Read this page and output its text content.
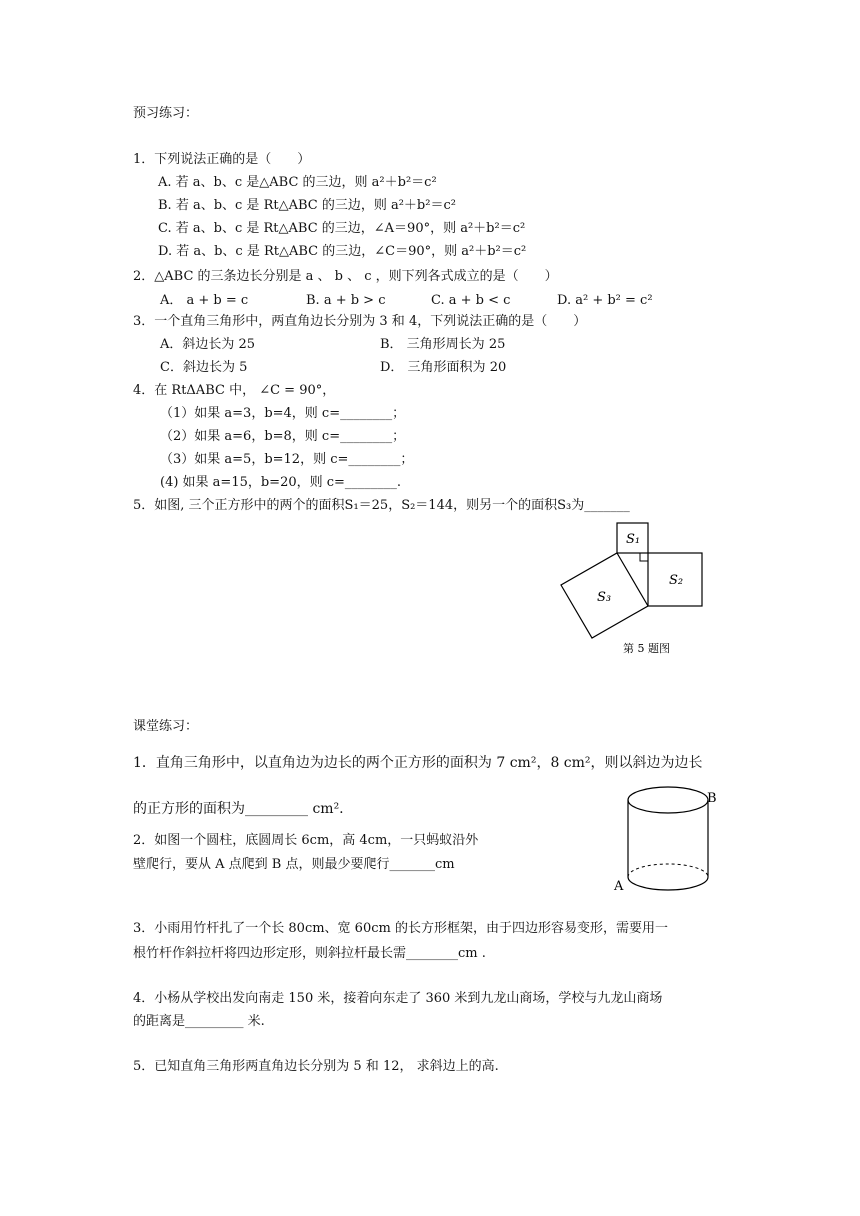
预习练习：
1．下列说法正确的是（　　）
A. 若 a、b、c 是△ABC 的三边，则 a²＋b²＝c²
B. 若 a、b、c 是 Rt△ABC 的三边，则 a²＋b²＝c²
C. 若 a、b、c 是 Rt△ABC 的三边，∠A＝90°，则 a²＋b²＝c²
D. 若 a、b、c 是 Rt△ABC 的三边，∠C＝90°，则 a²＋b²＝c²
2．△ABC 的三条边长分别是 a 、 b 、 c ，则下列各式成立的是（　　）
A． a + b = c	B. a + b > c	C. a + b < c	D. a² + b² = c²
3．一个直角三角形中，两直角边长分别为 3 和 4，下列说法正确的是（　　）
A．斜边长为 25	B． 三角形周长为 25
C．斜边长为 5	D． 三角形面积为 20
4．在 RtΔABC 中， ∠C = 90°，
（1）如果 a=3，b=4，则 c=________；
（2）如果 a=6，b=8，则 c=________；
（3）如果 a=5，b=12，则 c=________；
(4) 如果 a=15，b=20，则 c=________.
5．如图, 三个正方形中的两个的面积S₁＝25，S₂＝144，则另一个的面积S₃为_______
S₁
S₂
S₃
第 5 题图
课堂练习：
1．直角三角形中，以直角边为边长的两个正方形的面积为 7 cm²，8 cm²，则以斜边为边长
的正方形的面积为_________ cm².
2．如图一个圆柱，底圆周长 6cm，高 4cm，一只蚂蚁沿外
壁爬行，要从 A 点爬到 B 点，则最少要爬行_______cm
B
A
3．小雨用竹杆扎了一个长 80cm、宽 60cm 的长方形框架，由于四边形容易变形，需要用一
根竹杆作斜拉杆将四边形定形，则斜拉杆最长需________cm .
4．小杨从学校出发向南走 150 米，接着向东走了 360 米到九龙山商场，学校与九龙山商场
的距离是_________ 米.
5．已知直角三角形两直角边长分别为 5 和 12， 求斜边上的高.
